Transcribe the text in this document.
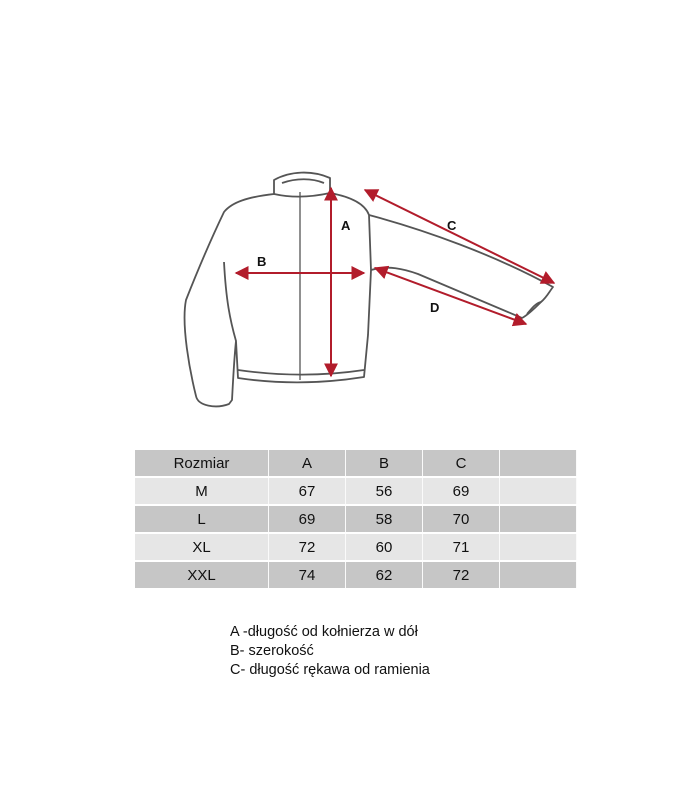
A
B
C
D
Rozmiar	A	B	C	
M	67	56	69	
L	69	58	70	
XL	72	60	71	
XXL	74	62	72	
A -długość od kołnierza w dół
B- szerokość
C- długość rękawa od ramienia
